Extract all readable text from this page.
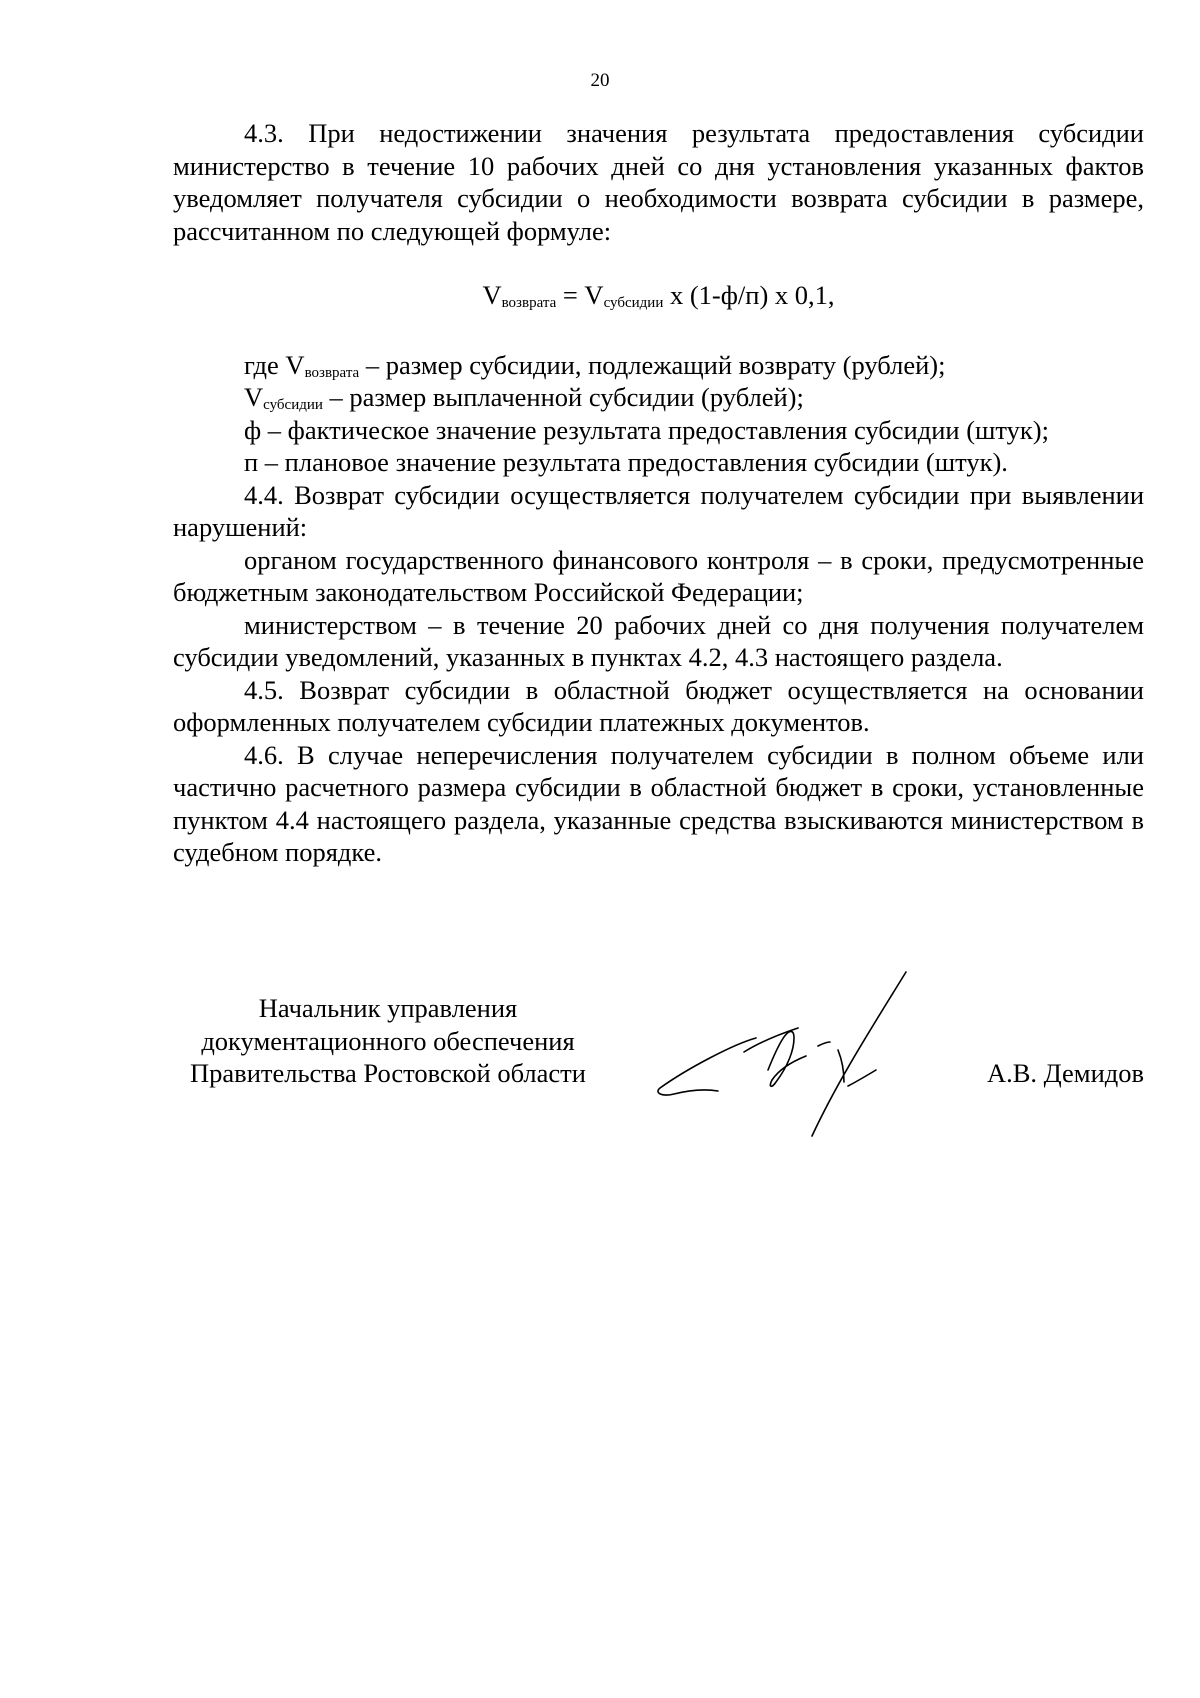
20

4.3. При недостижении значения результата предоставления субсидии министерство в течение 10 рабочих дней со дня установления указанных фактов уведомляет получателя субсидии о необходимости возврата субсидии в размере, рассчитанном по следующей формуле:

$V_{возврата} = V_{субсидии}$ x (1-ф/п) x 0,1,

где $V_{возврата}$ – размер субсидии, подлежащий возврату (рублей);

$V_{субсидии}$ – размер выплаченной субсидии (рублей);

ф – фактическое значение результата предоставления субсидии (штук);

п – плановое значение результата предоставления субсидии (штук).

4.4. Возврат субсидии осуществляется получателем субсидии при выявлении нарушений:

органом государственного финансового контроля – в сроки, предусмотренные бюджетным законодательством Российской Федерации;

министерством – в течение 20 рабочих дней со дня получения получателем субсидии уведомлений, указанных в пунктах 4.2, 4.3 настоящего раздела.

4.5. Возврат субсидии в областной бюджет осуществляется на основании оформленных получателем субсидии платежных документов.

4.6. В случае неперечисления получателем субсидии в полном объеме или частично расчетного размера субсидии в областной бюджет в сроки, установленные пунктом 4.4 настоящего раздела, указанные средства взыскиваются министерством в судебном порядке.

Начальник управления
документационного обеспечения
Правительства Ростовской области	А.В. Демидов
